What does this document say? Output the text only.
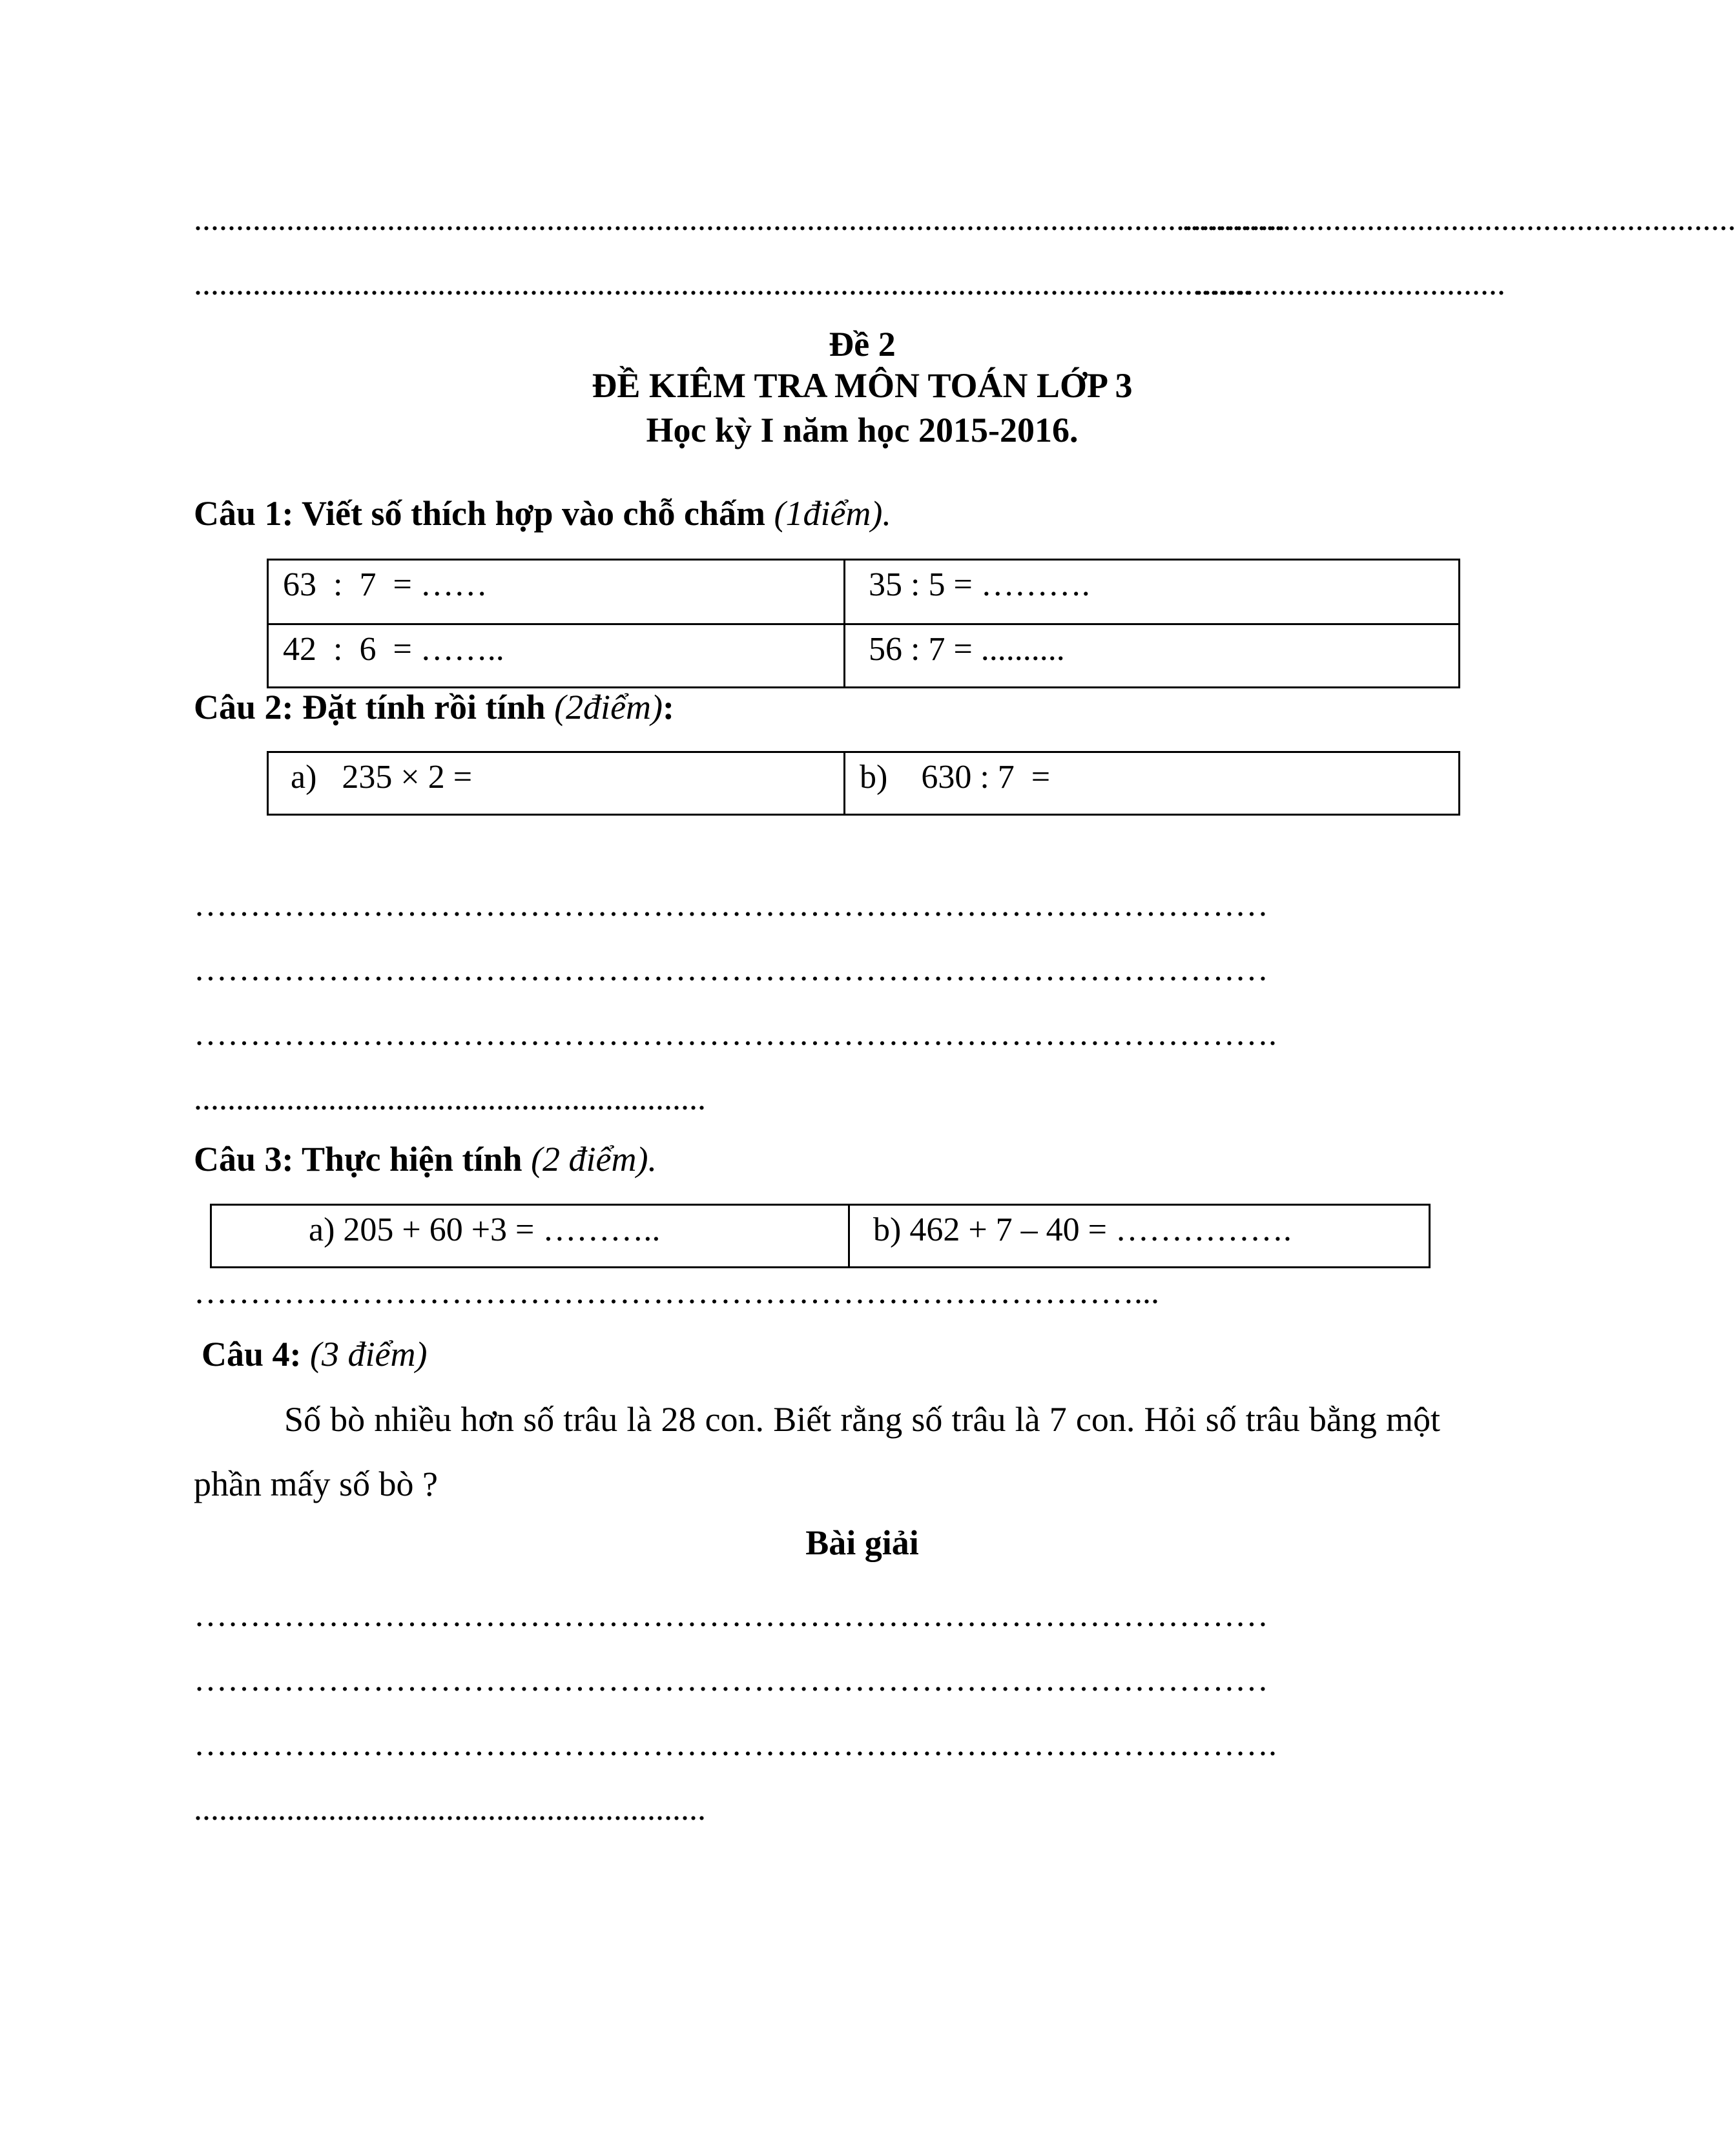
..................................................................................................................................
..................................................................
..............................................................................................................................
.....................................
Đề 2
ĐỀ KIÊM TRA MÔN TOÁN LỚP 3
Học kỳ I năm học 2015-2016.
Câu 1: Viết số thích hợp vào chỗ chấm (1điểm).
63  :  7  = ……	35 : 5 = ……….

42  :  6  = ……..	56 : 7 = ..........
Câu 2: Đặt tính rồi tính (2điểm):
a)   235 × 2 =	b)    630 : 7  =
……………………………………………………………………………………
……………………………………………………………………………………
…………………………………………………………………………………….
.............................................................
Câu 3: Thực hiện tính (2 điểm).
a) 205 + 60 +3 = ………..	b) 462 + 7 – 40 = …………….
…………………………………………………………………………...
Câu 4: (3 điểm)
Số bò nhiều hơn số trâu là 28 con. Biết rằng số trâu là 7 con. Hỏi số trâu bằng một phần mấy số bò ?
Bài giải
……………………………………………………………………………………
……………………………………………………………………………………
…………………………………………………………………………………….
.............................................................
